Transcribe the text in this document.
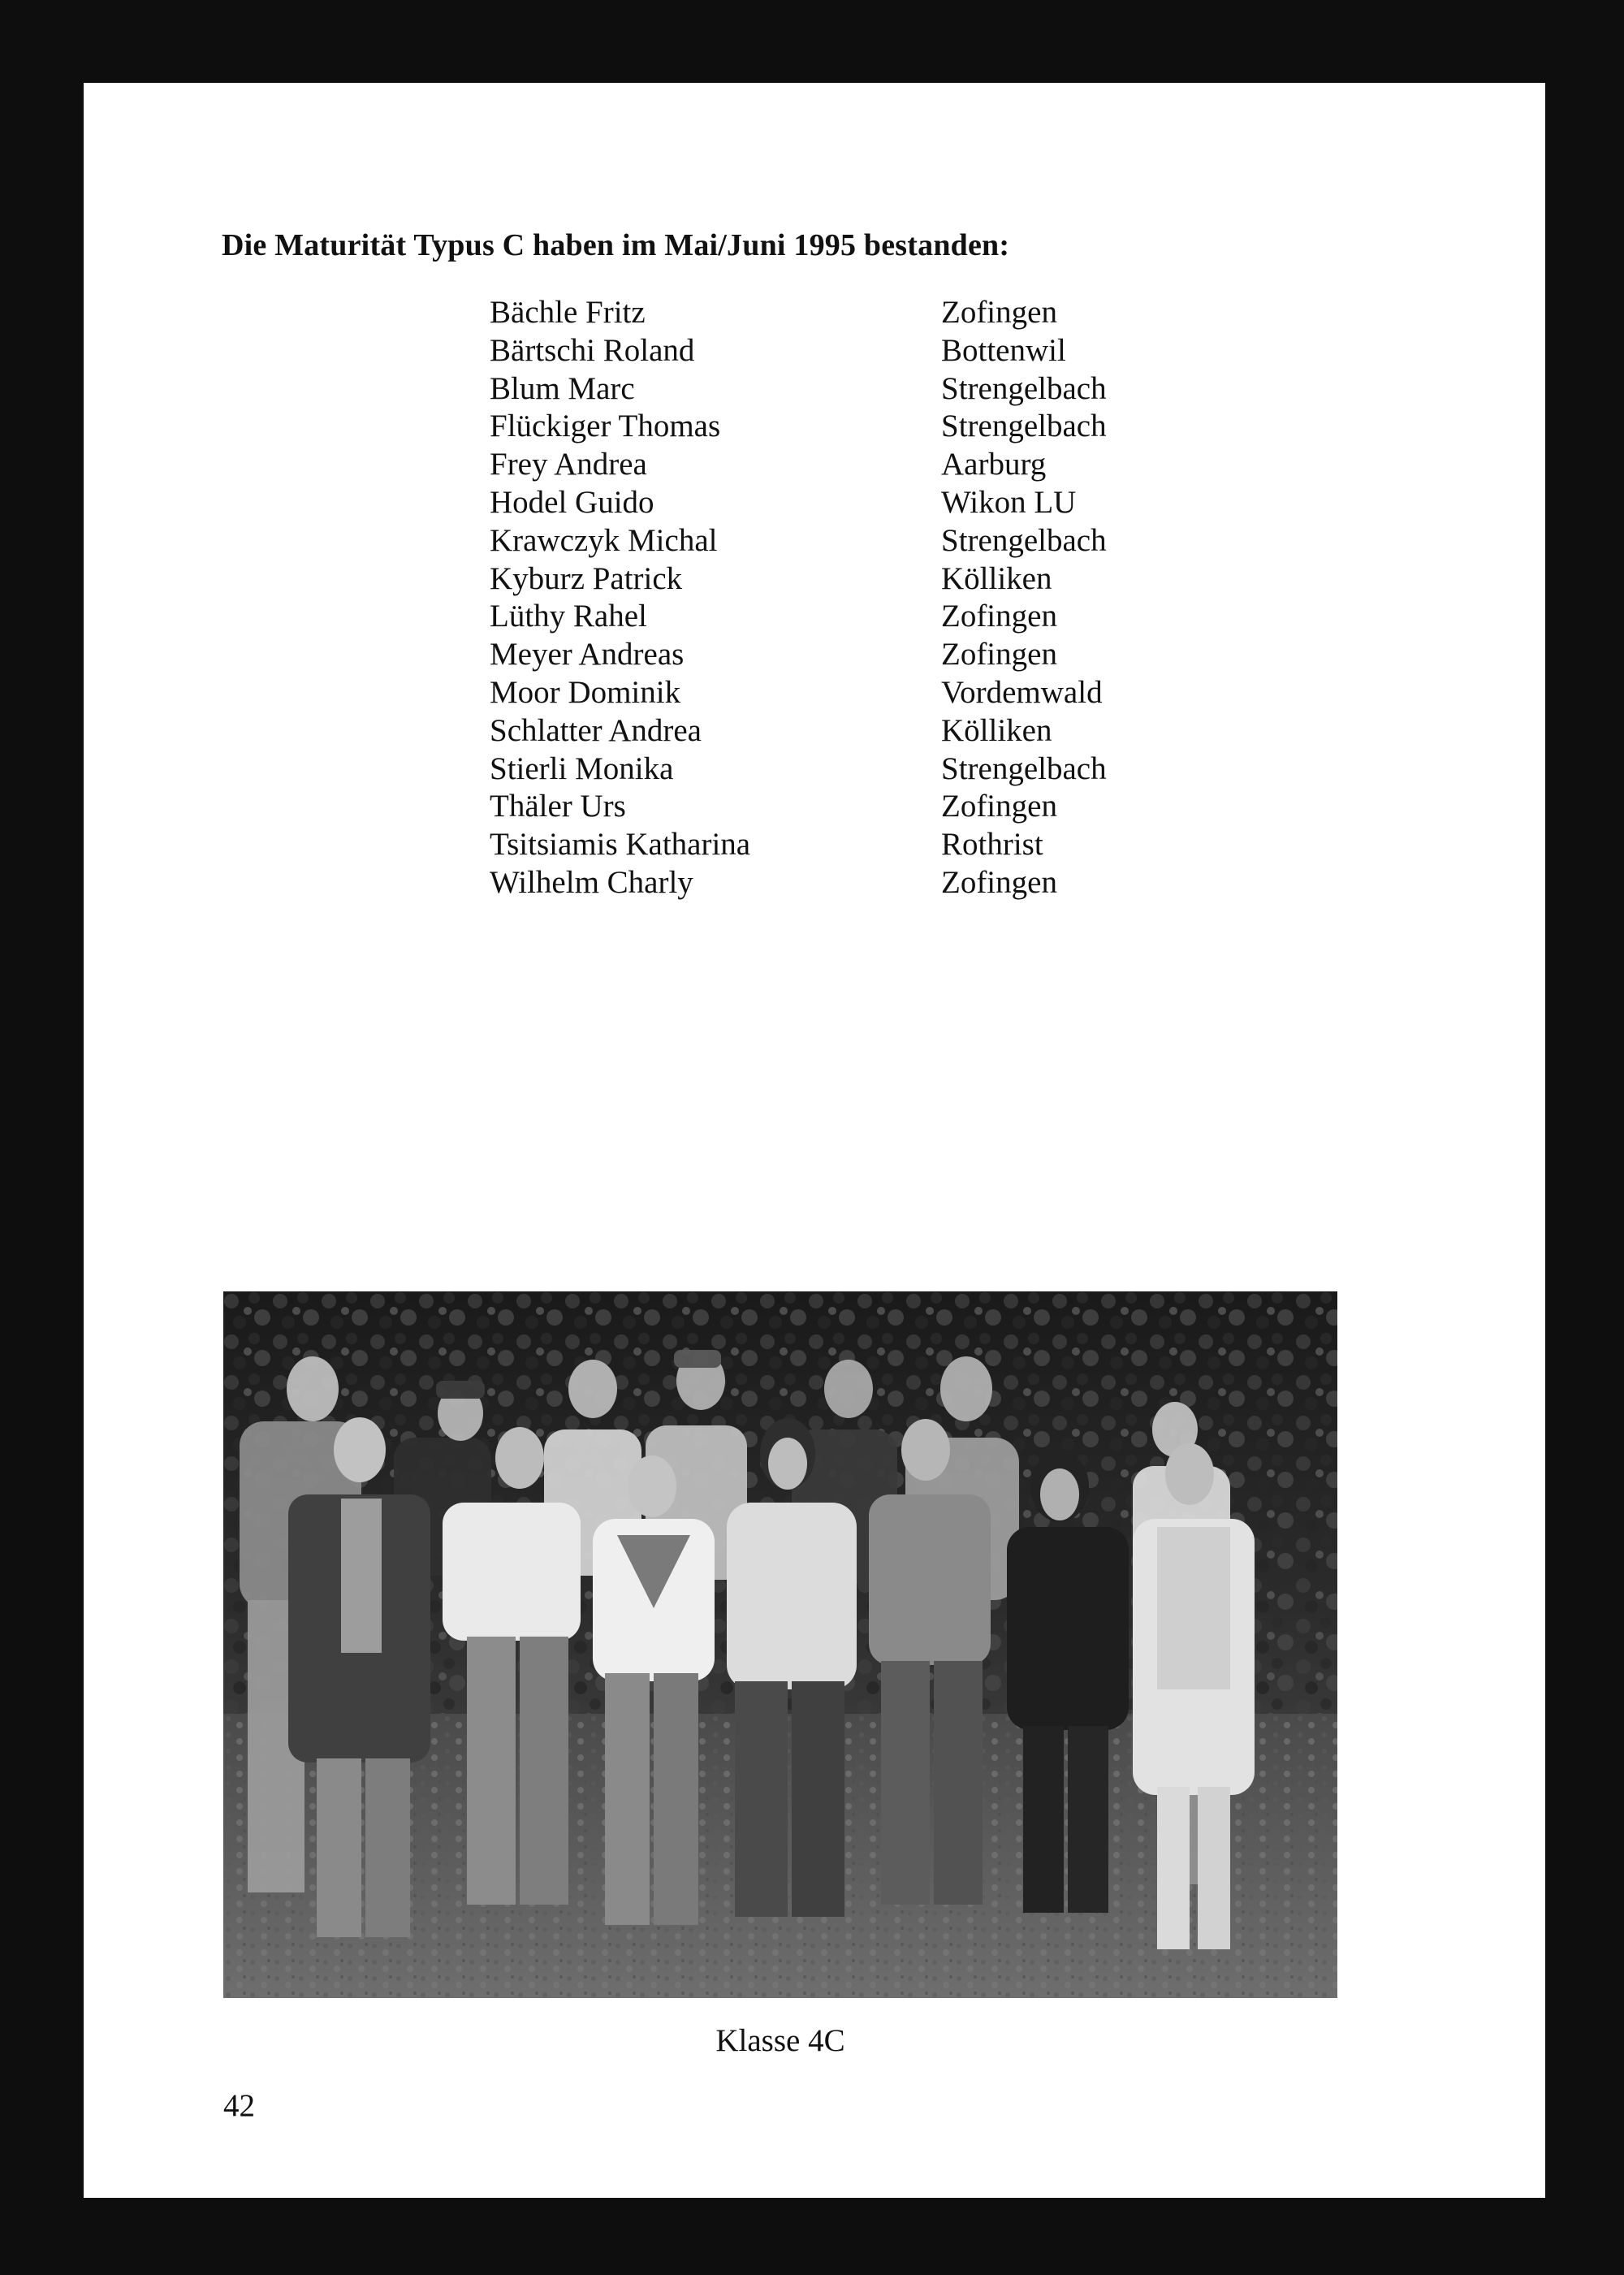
Die Maturität Typus C haben im Mai/Juni 1995 bestanden:
Bächle Fritz	Zofingen
Bärtschi Roland	Bottenwil
Blum Marc	Strengelbach
Flückiger Thomas	Strengelbach
Frey Andrea	Aarburg
Hodel Guido	Wikon LU
Krawczyk Michal	Strengelbach
Kyburz Patrick	Kölliken
Lüthy Rahel	Zofingen
Meyer Andreas	Zofingen
Moor Dominik	Vordemwald
Schlatter Andrea	Kölliken
Stierli Monika	Strengelbach
Thäler Urs	Zofingen
Tsitsiamis Katharina	Rothrist
Wilhelm Charly	Zofingen
Klasse 4C
42
